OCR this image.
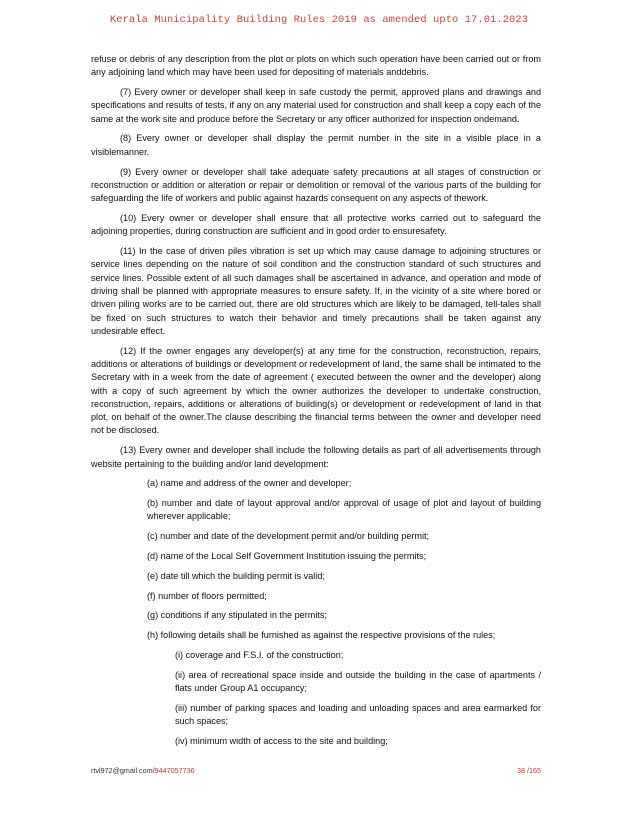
Kerala Municipality Building Rules 2019 as amended upto 17.01.2023

refuse or debris of any description from the plot or plots on which such operation have been carried out or from any adjoining land which may have been used for depositing of materials anddebris.

(7) Every owner or developer shall keep in safe custody the permit, approved plans and drawings and specifications and results of tests, if any on any material used for construction and shall keep a copy each of the same at the work site and produce before the Secretary or any officer authorized for inspection ondemand.

(8) Every owner or developer shall display the permit number in the site in a visible place in a visiblemanner.

(9) Every owner or developer shall take adequate safety precautions at all stages of construction or reconstruction or addition or alteration or repair or demolition or removal of the various parts of the building for safeguarding the life of workers and public against hazards consequent on any aspects of thework.

(10) Every owner or developer shall ensure that all protective works carried out to safeguard the adjoining properties, during construction are sufficient and in good order to ensuresafety.

(11) In the case of driven piles vibration is set up which may cause damage to adjoining structures or service lines depending on the nature of soil condition and the construction standard of such structures and service lines. Possible extent of all such damages shall be ascertained in advance, and operation and mode of driving shall be planned with appropriate measures to ensure safety. If, in the vicinity of a site where bored or driven piling works are to be carried out, there are old structures which are likely to be damaged, tell-tales shall be fixed on such structures to watch their behavior and timely precautions shall be taken against any undesirable effect.

(12) If the owner engages any developer(s) at any time for the construction, reconstruction, repairs, additions or alterations of buildings or development or redevelopment of land, the same shall be intimated to the Secretary with in a week from the date of agreement ( executed between the owner and the developer) along with a copy of such agreement by which the owner authorizes the developer to undertake construction, reconstruction, repairs, additions or alterations of building(s) or development or redevelopment of land in that plot, on behalf of the owner.The clause describing the financial terms between the owner and developer need not be disclosed.

(13) Every owner and developer shall include the following details as part of all advertisements through website pertaining to the building and/or land development:

(a) name and address of the owner and developer;

(b) number and date of layout approval and/or approval of usage of plot and layout of building wherever applicable;

(c) number and date of the development permit and/or building permit;

(d) name of the Local Self Government Institution issuing the permits;

(e) date till which the building permit is valid;

(f) number of floors permitted;

(g) conditions if any stipulated in the permits;

(h) following details shall be furnished as against the respective provisions of the rules;

(i) coverage and F.S.I. of the construction;

(ii) area of recreational space inside and outside the building in the case of apartments / flats under Group A1 occupancy;

(iii) number of parking spaces and loading and unloading spaces and area earmarked for such spaces;

(iv) minimum width of access to the site and building;

rtvl972@gmail.com/9447057736	38 /165
